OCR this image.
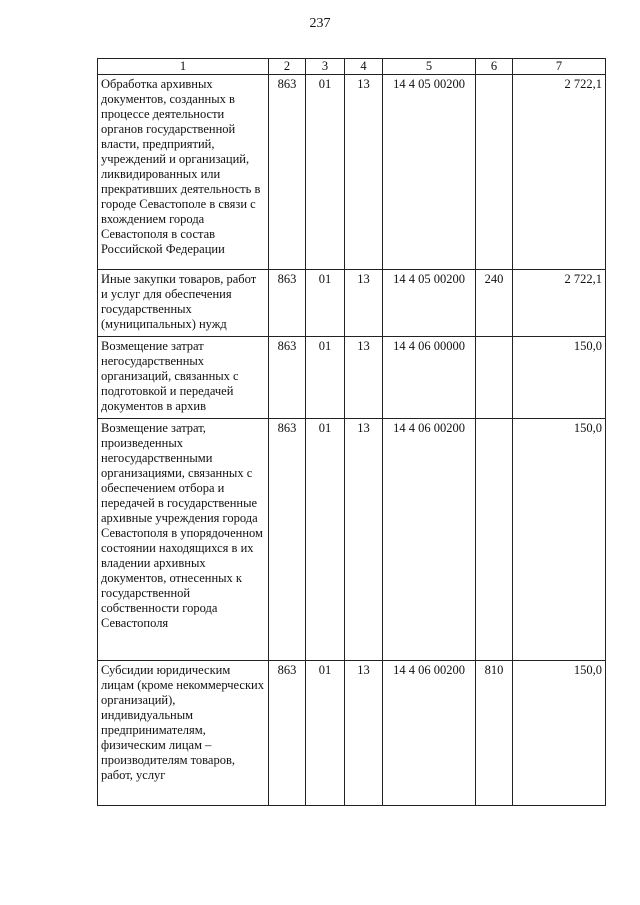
237
1	2	3	4	5	6	7
Обработка архивных документов, созданных в процессе деятельности органов государственной власти, предприятий, учреждений и организаций, ликвидированных или прекративших деятельность в городе Севастополе в связи с вхождением города Севастополя в состав Российской Федерации	863	01	13	14 4 05 00200		2 722,1
Иные закупки товаров, работ и услуг для обеспечения государственных (муниципальных) нужд	863	01	13	14 4 05 00200	240	2 722,1
Возмещение затрат негосударственных организаций, связанных с подготовкой и передачей документов в архив	863	01	13	14 4 06 00000		150,0
Возмещение затрат, произведенных негосударственными организациями, связанных с обеспечением отбора и передачей в государственные архивные учреждения города Севастополя в упорядоченном состоянии находящихся в их владении архивных документов, отнесенных к государственной собственности города Севастополя	863	01	13	14 4 06 00200		150,0
Субсидии юридическим лицам (кроме некоммерческих организаций), индивидуальным предпринимателям, физическим лицам – производителям товаров, работ, услуг	863	01	13	14 4 06 00200	810	150,0
